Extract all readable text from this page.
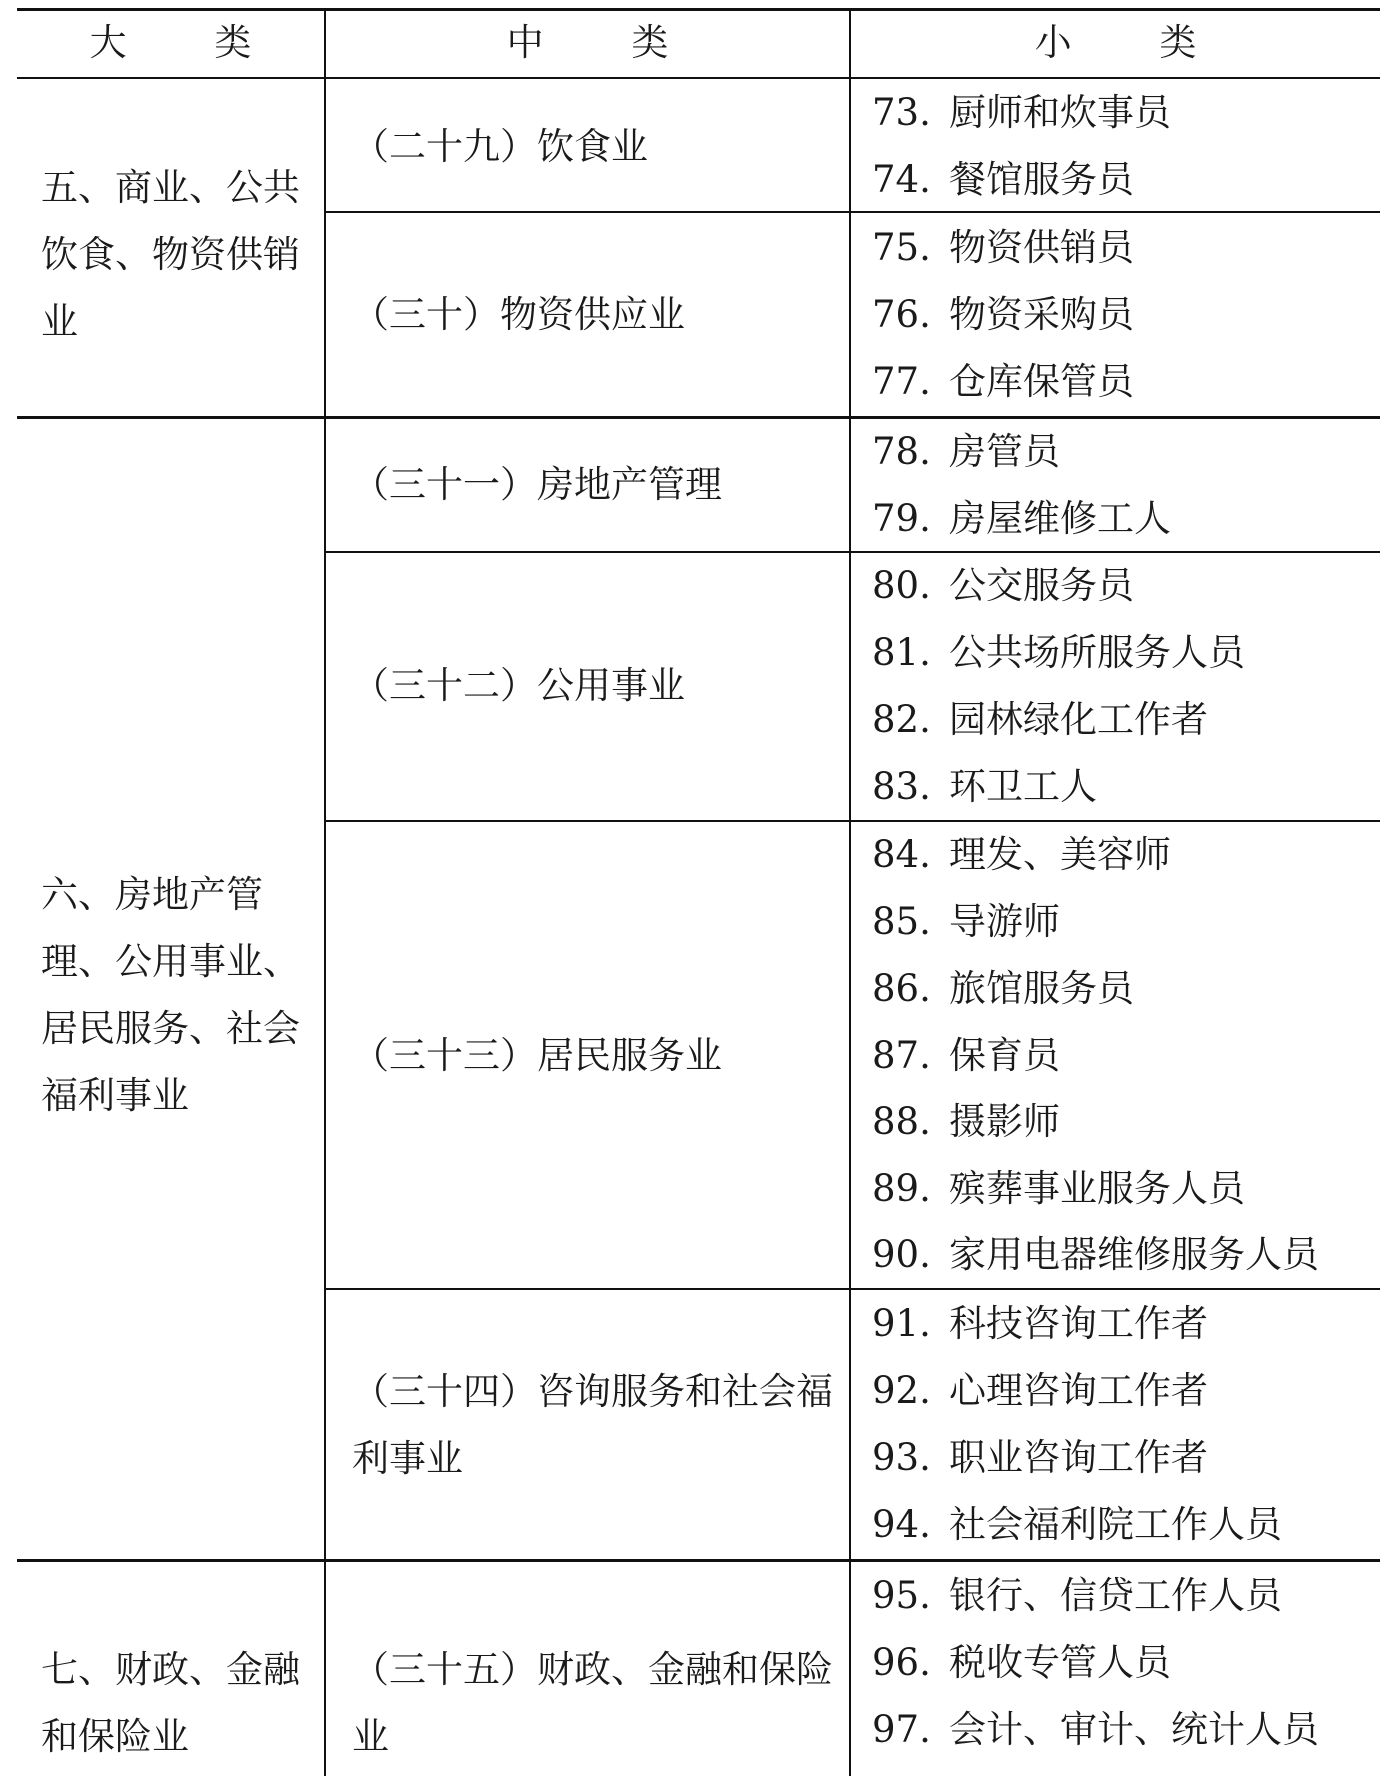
大 类	中 类	小 类
五、商业、公共饮食、物资供销业
六、房地产管理、公用事业、居民服务、社会福利事业
七、财政、金融和保险业
（二十九）饮食业
（三十）物资供应业
（三十一）房地产管理
（三十二）公用事业
（三十三）居民服务业
（三十四）咨询服务和社会福利事业
（三十五）财政、金融和保险业
73. 厨师和炊事员
74. 餐馆服务员
75. 物资供销员
76. 物资采购员
77. 仓库保管员
78. 房管员
79. 房屋维修工人
80. 公交服务员
81. 公共场所服务人员
82. 园林绿化工作者
83. 环卫工人
84. 理发、美容师
85. 导游师
86. 旅馆服务员
87. 保育员
88. 摄影师
89. 殡葬事业服务人员
90. 家用电器维修服务人员
91. 科技咨询工作者
92. 心理咨询工作者
93. 职业咨询工作者
94. 社会福利院工作人员
95. 银行、信贷工作人员
96. 税收专管人员
97. 会计、审计、统计人员
